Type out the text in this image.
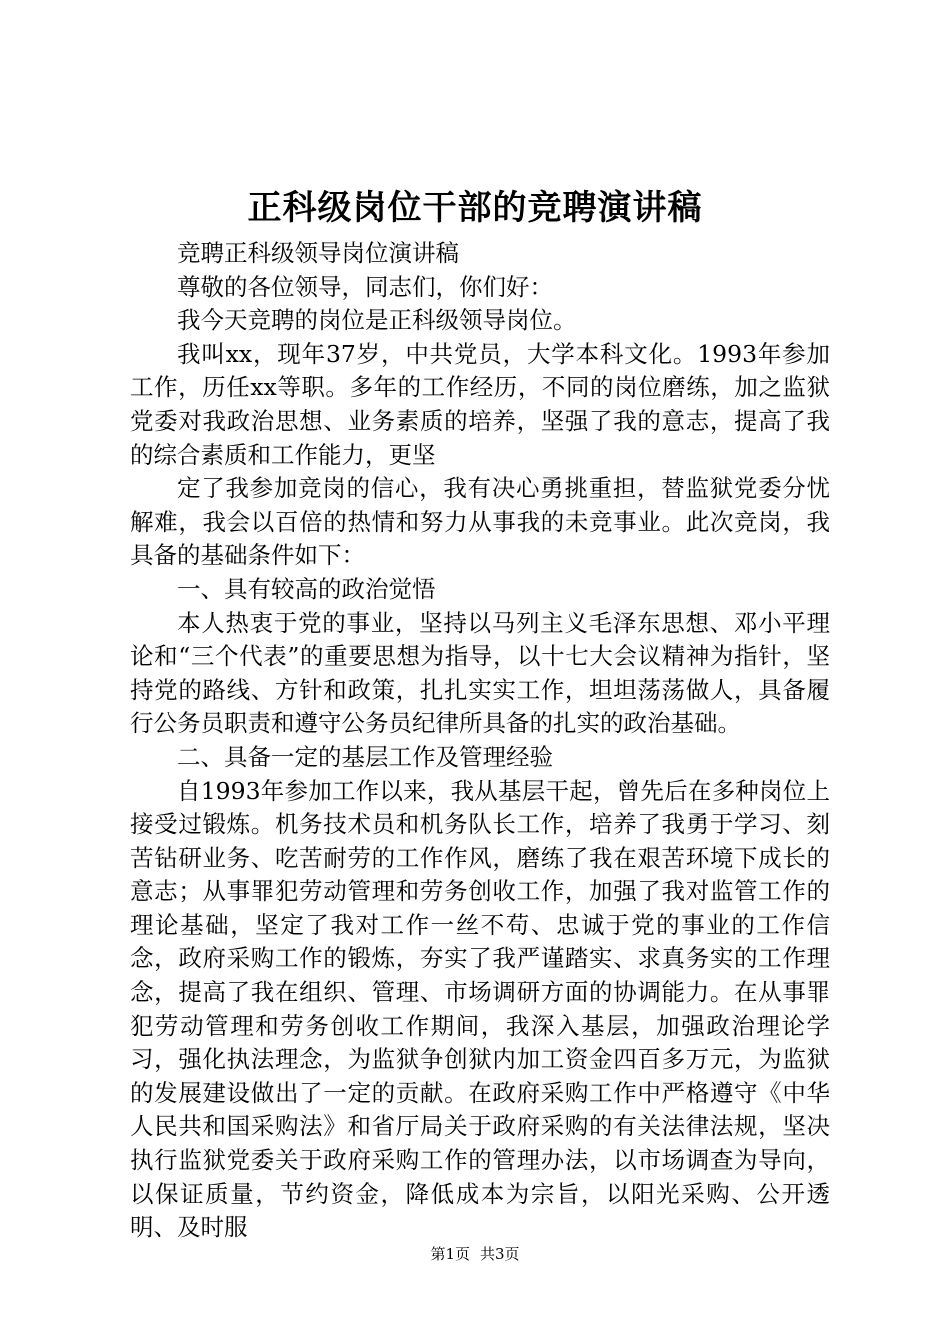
正科级岗位干部的竞聘演讲稿

竞聘正科级领导岗位演讲稿

尊敬的各位领导，同志们，你们好：

我今天竞聘的岗位是正科级领导岗位。

我叫xx，现年37岁，中共党员，大学本科文化。1993年参加工作，历任xx等职。多年的工作经历，不同的岗位磨练，加之监狱党委对我政治思想、业务素质的培养，坚强了我的意志，提高了我的综合素质和工作能力，更坚

定了我参加竞岗的信心，我有决心勇挑重担，替监狱党委分忧解难，我会以百倍的热情和努力从事我的未竞事业。此次竞岗，我具备的基础条件如下：

一、具有较高的政治觉悟

本人热衷于党的事业，坚持以马列主义毛泽东思想、邓小平理论和“三个代表”的重要思想为指导，以十七大会议精神为指针，坚持党的路线、方针和政策，扎扎实实工作，坦坦荡荡做人，具备履行公务员职责和遵守公务员纪律所具备的扎实的政治基础。

二、具备一定的基层工作及管理经验

自1993年参加工作以来，我从基层干起，曾先后在多种岗位上接受过锻炼。机务技术员和机务队长工作，培养了我勇于学习、刻苦钻研业务、吃苦耐劳的工作作风，磨练了我在艰苦环境下成长的意志；从事罪犯劳动管理和劳务创收工作，加强了我对监管工作的理论基础，坚定了我对工作一丝不苟、忠诚于党的事业的工作信念，政府采购工作的锻炼，夯实了我严谨踏实、求真务实的工作理念，提高了我在组织、管理、市场调研方面的协调能力。在从事罪犯劳动管理和劳务创收工作期间，我深入基层，加强政治理论学习，强化执法理念，为监狱争创狱内加工资金四百多万元，为监狱的发展建设做出了一定的贡献。在政府采购工作中严格遵守《中华人民共和国采购法》和省厅局关于政府采购的有关法律法规，坚决执行监狱党委关于政府采购工作的管理办法，以市场调查为导向，以保证质量，节约资金，降低成本为宗旨，以阳光采购、公开透明、及时服

第1页 共3页
